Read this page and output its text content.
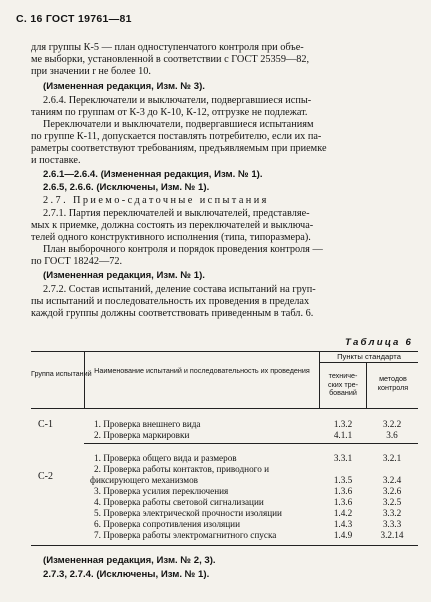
С. 16 ГОСТ 19761—81
для группы К-5 — план одноступенчатого контроля при объе-
ме выборки, установленной в соответствии с ГОСТ 25359—82,
при значении r не более 10.
(Измененная редакция, Изм. № 3).
2.6.4. Переключатели и выключатели, подвергавшиеся испы-
таниям по группам от К-3 до К-10, К-12, отгрузке не подлежат.
Переключатели и выключатели, подвергавшиеся испытаниям
по группе К-11, допускается поставлять потребителю, если их па-
раметры соответствуют требованиям, предъявляемым при приемке
и поставке.
2.6.1—2.6.4. (Измененная редакция, Изм. № 1).
2.6.5, 2.6.6. (Исключены, Изм. № 1).
2.7. Приемо-сдаточные испытания
2.7.1. Партия переключателей и выключателей, представляе-
мых к приемке, должна состоять из переключателей и выключа-
телей одного конструктивного исполнения (типа, типоразмера).
План выборочного контроля и порядок проведения контроля —
по ГОСТ 18242—72.
(Измененная редакция, Изм. № 1).
2.7.2. Состав испытаний, деление состава испытаний на груп-
пы испытаний и последовательность их проведения в пределах
каждой группы должны соответствовать приведенным в табл. 6.
Таблица 6
Группа испытаний Наименование испытаний и последовательность их проведения
Пункты стандарта
техниче- ских тре- бований
методов контроля
С-1	1. Проверка внешнего вида	1.3.2	3.2.2
2. Проверка маркировки	4.1.1	3.6
С-2
1. Проверка общего вида и размеров	3.3.1	3.2.1
2. Проверка работы контактов, приводного и
фиксирующего механизмов	1.3.5	3.2.4
3. Проверка усилия переключения	1.3.6	3.2.6
4. Проверка работы световой сигнализации	1.3.6	3.2.5
5. Проверка электрической прочности изоляции	1.4.2	3.3.2
6. Проверка сопротивления изоляции	1.4.3	3.3.3
7. Проверка работы электромагнитного спуска	1.4.9	3.2.14
(Измененная редакция, Изм. № 2, 3).
2.7.3, 2.7.4. (Исключены, Изм. № 1).
